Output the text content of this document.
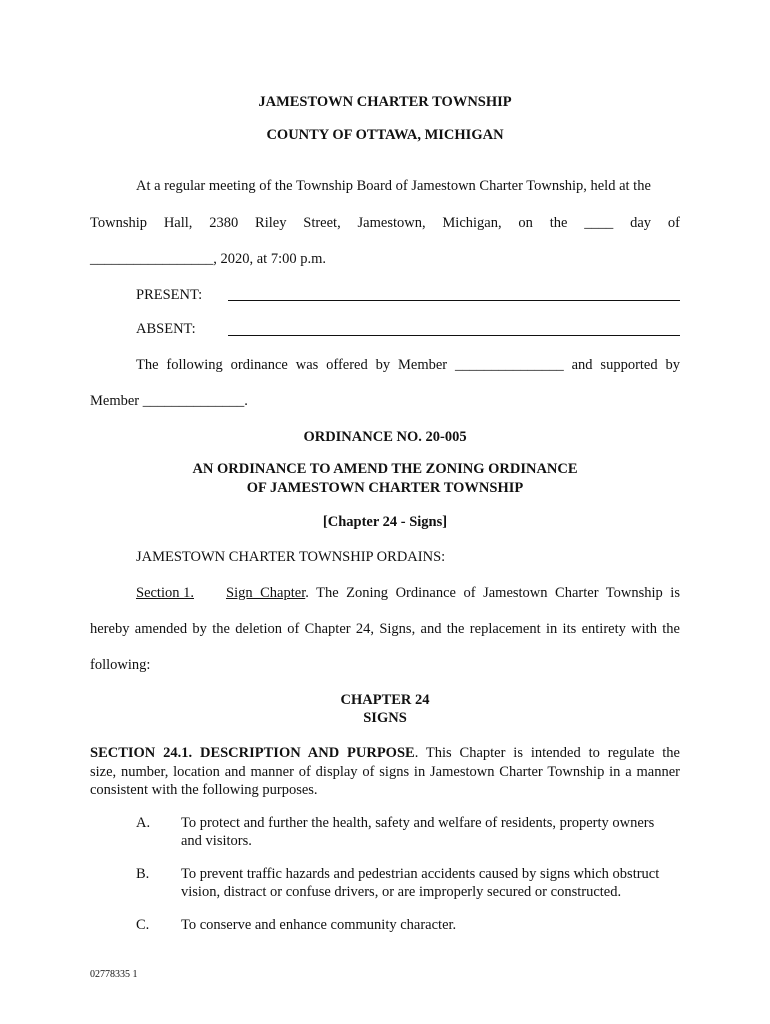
JAMESTOWN CHARTER TOWNSHIP
COUNTY OF OTTAWA, MICHIGAN
At a regular meeting of the Township Board of Jamestown Charter Township, held at the
Township Hall, 2380 Riley Street, Jamestown, Michigan, on the ____ day of
_________________, 2020, at 7:00 p.m.
PRESENT:
ABSENT:
The following ordinance was offered by Member _______________ and supported by
Member ______________.
ORDINANCE NO. 20-005
AN ORDINANCE TO AMEND THE ZONING ORDINANCE
OF JAMESTOWN CHARTER TOWNSHIP
[Chapter 24 - Signs]
JAMESTOWN CHARTER TOWNSHIP ORDAINS:
Section 1. Sign Chapter. The Zoning Ordinance of Jamestown Charter Township is
hereby amended by the deletion of Chapter 24, Signs, and the replacement in its entirety with the
following:
CHAPTER 24
SIGNS
SECTION 24.1. DESCRIPTION AND PURPOSE. This Chapter is intended to regulate the
size, number, location and manner of display of signs in Jamestown Charter Township in a manner
consistent with the following purposes.
A. To protect and further the health, safety and welfare of residents, property owners
and visitors.
B. To prevent traffic hazards and pedestrian accidents caused by signs which obstruct
vision, distract or confuse drivers, or are improperly secured or constructed.
C. To conserve and enhance community character.
02778335 1
